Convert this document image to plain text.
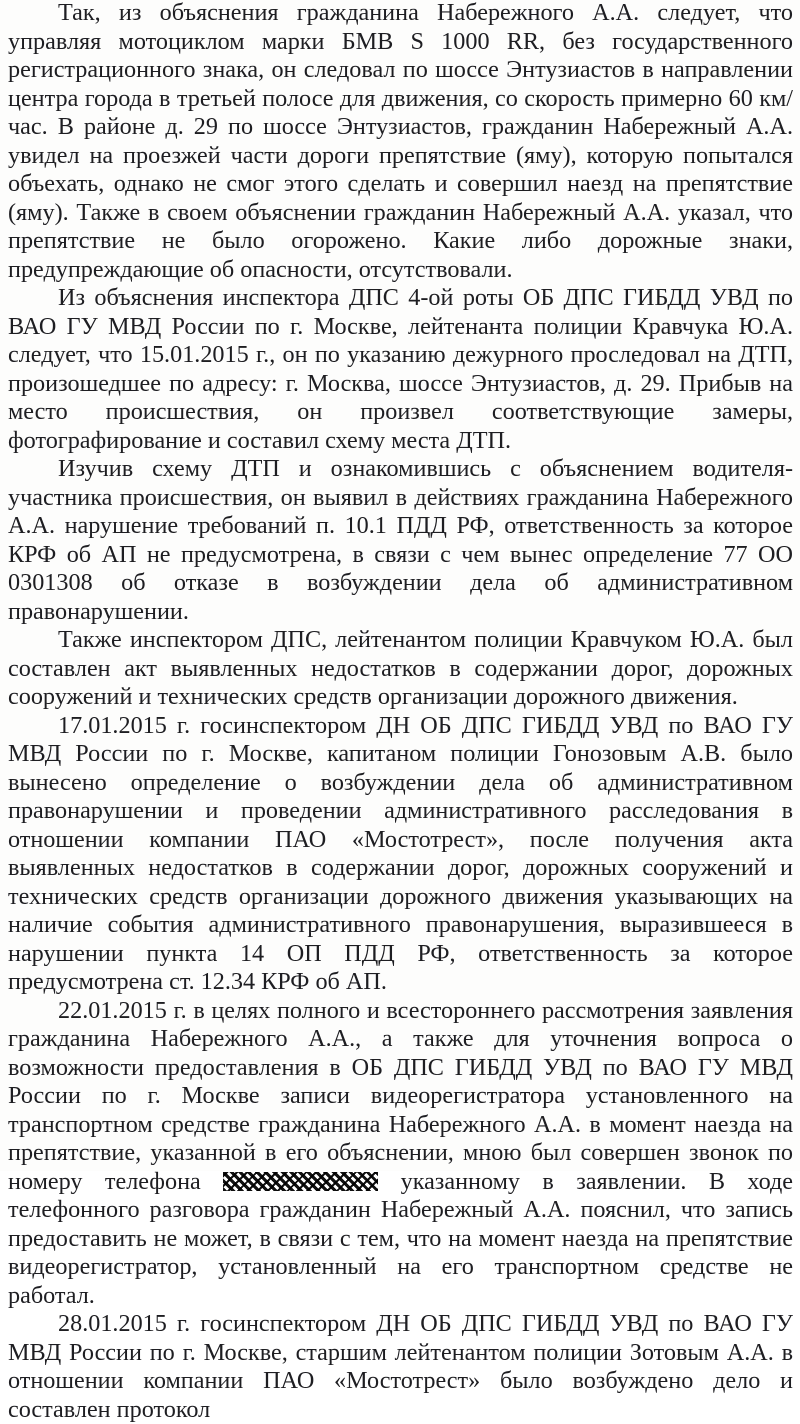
Так, из объяснения гражданина Набережного А.А. следует, что управляя мотоциклом марки БМВ S 1000 RR, без государственного регистрационного знака, он следовал по шоссе Энтузиастов в направлении центра города в третьей полосе для движения, со скорость примерно 60 км/час. В районе д. 29 по шоссе Энтузиастов, гражданин Набережный А.А. увидел на проезжей части дороги препятствие (яму), которую попытался объехать, однако не смог этого сделать и совершил наезд на препятствие (яму). Также в своем объяснении гражданин Набережный А.А. указал, что препятствие не было огорожено. Какие либо дорожные знаки, предупреждающие об опасности, отсутствовали.

Из объяснения инспектора ДПС 4-ой роты ОБ ДПС ГИБДД УВД по ВАО ГУ МВД России по г. Москве, лейтенанта полиции Кравчука Ю.А. следует, что 15.01.2015 г., он по указанию дежурного проследовал на ДТП, произошедшее по адресу: г. Москва, шоссе Энтузиастов, д. 29. Прибыв на место происшествия, он произвел соответствующие замеры, фотографирование и составил схему места ДТП.

Изучив схему ДТП и ознакомившись с объяснением водителя-участника происшествия, он выявил в действиях гражданина Набережного А.А. нарушение требований п. 10.1 ПДД РФ, ответственность за которое КРФ об АП не предусмотрена, в связи с чем вынес определение 77 ОО 0301308 об отказе в возбуждении дела об административном правонарушении.

Также инспектором ДПС, лейтенантом полиции Кравчуком Ю.А. был составлен акт выявленных недостатков в содержании дорог, дорожных сооружений и технических средств организации дорожного движения.

17.01.2015 г. госинспектором ДН ОБ ДПС ГИБДД УВД по ВАО ГУ МВД России по г. Москве, капитаном полиции Гонозовым А.В. было вынесено определение о возбуждении дела об административном правонарушении и проведении административного расследования в отношении компании ПАО «Мостотрест», после получения акта выявленных недостатков в содержании дорог, дорожных сооружений и технических средств организации дорожного движения указывающих на наличие события административного правонарушения, выразившееся в нарушении пункта 14 ОП ПДД РФ, ответственность за которое предусмотрена ст. 12.34 КРФ об АП.

22.01.2015 г. в целях полного и всестороннего рассмотрения заявления гражданина Набережного А.А., а также для уточнения вопроса о возможности предоставления в ОБ ДПС ГИБДД УВД по ВАО ГУ МВД России по г. Москве записи видеорегистратора установленного на транспортном средстве гражданина Набережного А.А. в момент наезда на препятствие, указанной в его объяснении, мною был совершен звонок по номеру телефона	указанному в заявлении. В ходе телефонного разговора гражданин Набережный А.А. пояснил, что запись предоставить не может, в связи с тем, что на момент наезда на препятствие видеорегистратор, установленный на его транспортном средстве не работал.

28.01.2015 г. госинспектором ДН ОБ ДПС ГИБДД УВД по ВАО ГУ МВД России по г. Москве, старшим лейтенантом полиции Зотовым А.А. в отношении компании ПАО «Мостотрест» было возбуждено дело и составлен протокол
